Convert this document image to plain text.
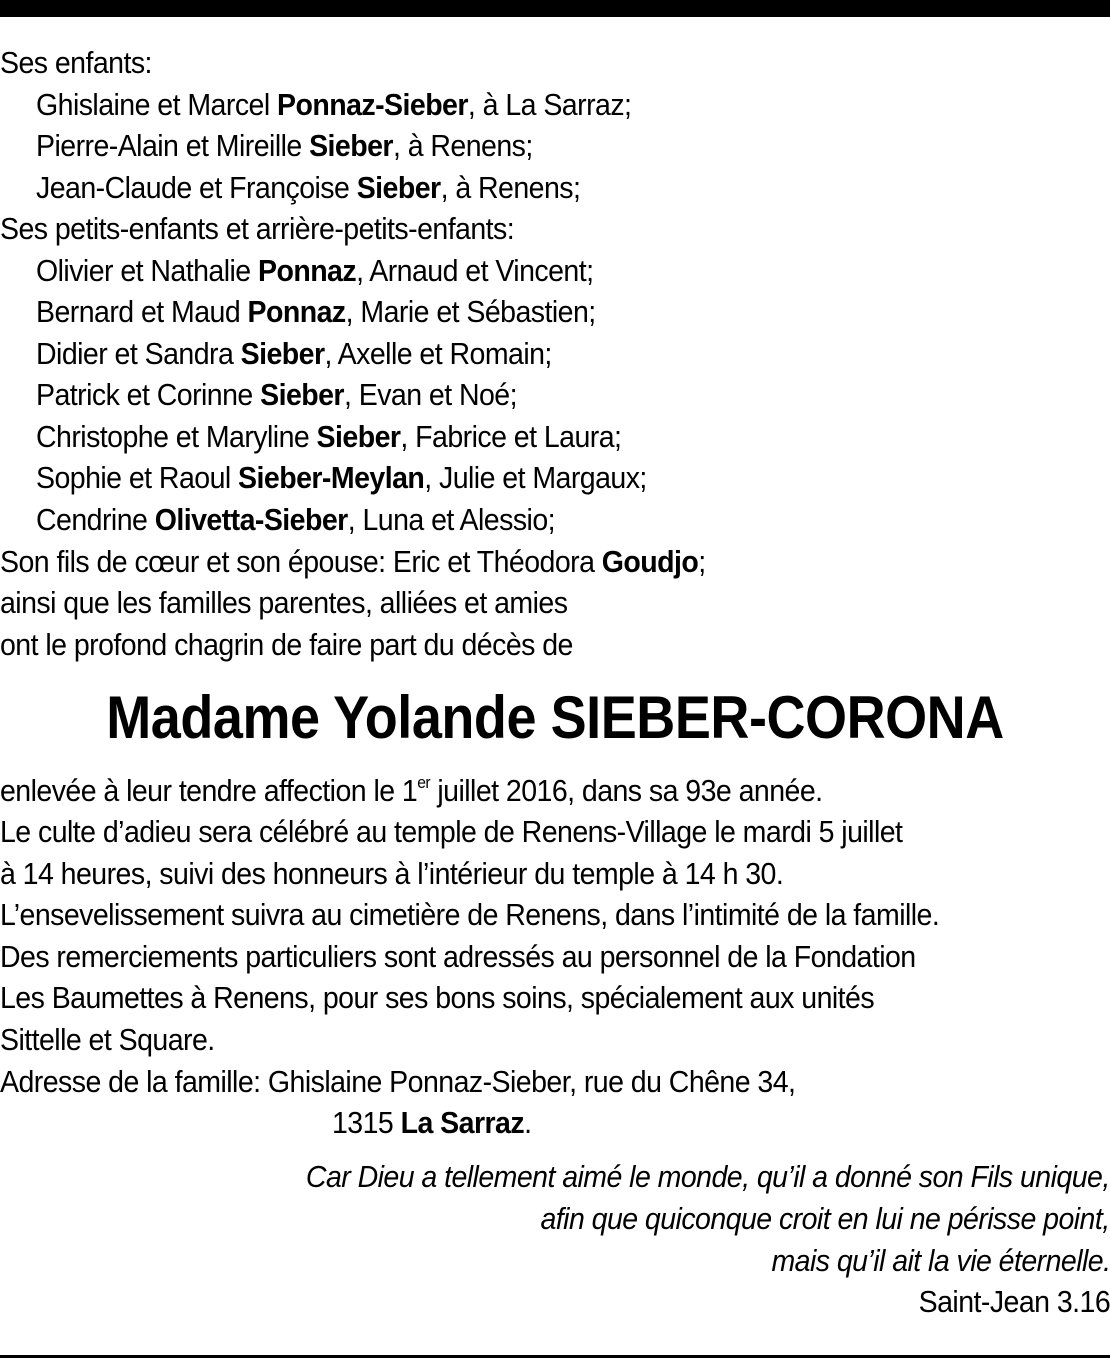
Ses enfants:
Ghislaine et Marcel Ponnaz-Sieber, à La Sarraz;
Pierre-Alain et Mireille Sieber, à Renens;
Jean-Claude et Françoise Sieber, à Renens;
Ses petits-enfants et arrière-petits-enfants:
Olivier et Nathalie Ponnaz, Arnaud et Vincent;
Bernard et Maud Ponnaz, Marie et Sébastien;
Didier et Sandra Sieber, Axelle et Romain;
Patrick et Corinne Sieber, Evan et Noé;
Christophe et Maryline Sieber, Fabrice et Laura;
Sophie et Raoul Sieber-Meylan, Julie et Margaux;
Cendrine Olivetta-Sieber, Luna et Alessio;
Son fils de cœur et son épouse: Eric et Théodora Goudjo;
ainsi que les familles parentes, alliées et amies
ont le profond chagrin de faire part du décès de
Madame Yolande SIEBER-CORONA
enlevée à leur tendre affection le 1er juillet 2016, dans sa 93e année.
Le culte d’adieu sera célébré au temple de Renens-Village le mardi 5 juillet
à 14 heures, suivi des honneurs à l’intérieur du temple à 14 h 30.
L’ensevelissement suivra au cimetière de Renens, dans l’intimité de la famille.
Des remerciements particuliers sont adressés au personnel de la Fondation
Les Baumettes à Renens, pour ses bons soins, spécialement aux unités
Sittelle et Square.
Adresse de la famille: Ghislaine Ponnaz-Sieber, rue du Chêne 34,
1315 La Sarraz.
Car Dieu a tellement aimé le monde, qu’il a donné son Fils unique,
afin que quiconque croit en lui ne périsse point,
mais qu’il ait la vie éternelle.
Saint-Jean 3.16
